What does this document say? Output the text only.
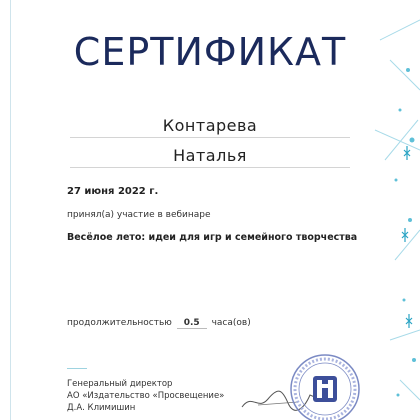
СЕРТИФИКАТ
Контарева
Наталья
27 июня 2022 г.
принял(а) участие в вебинаре
Весёлое лето: идеи для игр и семейного творчества
продолжительностью 0.5 часа(ов)
Генеральный директор
АО «Издательство «Просвещение»
Д.А. Климишин
